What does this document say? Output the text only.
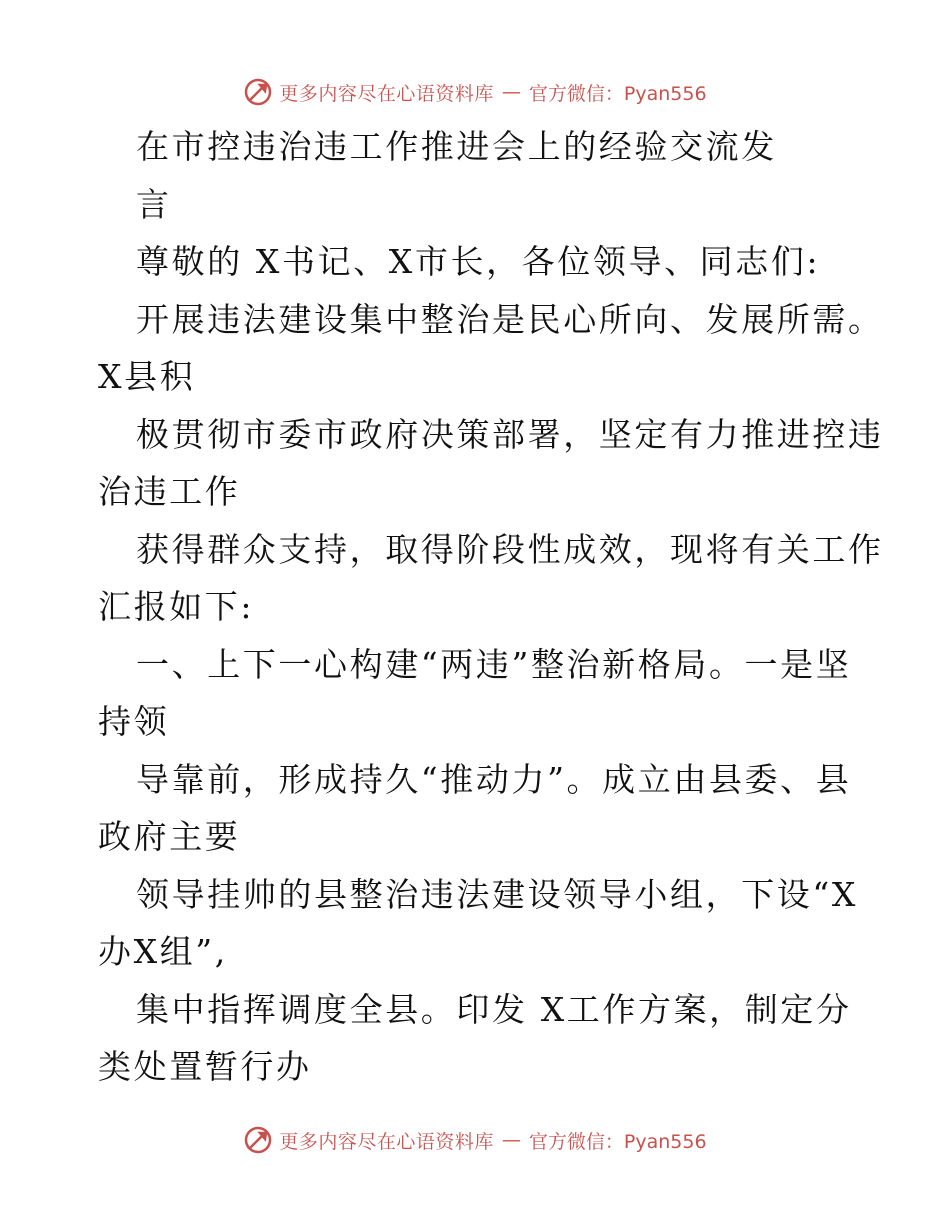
更多内容尽在心语资料库 — 官方微信：Pyan556
在市控违治违工作推进会上的经验交流发
言
尊敬的 X书记、X市长，各位领导、同志们:
开展违法建设集中整治是民心所向、发展所需。
X县积
极贯彻市委市政府决策部署，坚定有力推进控违
治违工作
获得群众支持，取得阶段性成效，现将有关工作
汇报如下:
一、上下一心构建“两违”整治新格局。一是坚
持领
导靠前，形成持久“推动力”。成立由县委、县
政府主要
领导挂帅的县整治违法建设领导小组，下设“X
办X组”,
集中指挥调度全县。印发 X工作方案，制定分
类处置暂行办
更多内容尽在心语资料库 — 官方微信：Pyan556
